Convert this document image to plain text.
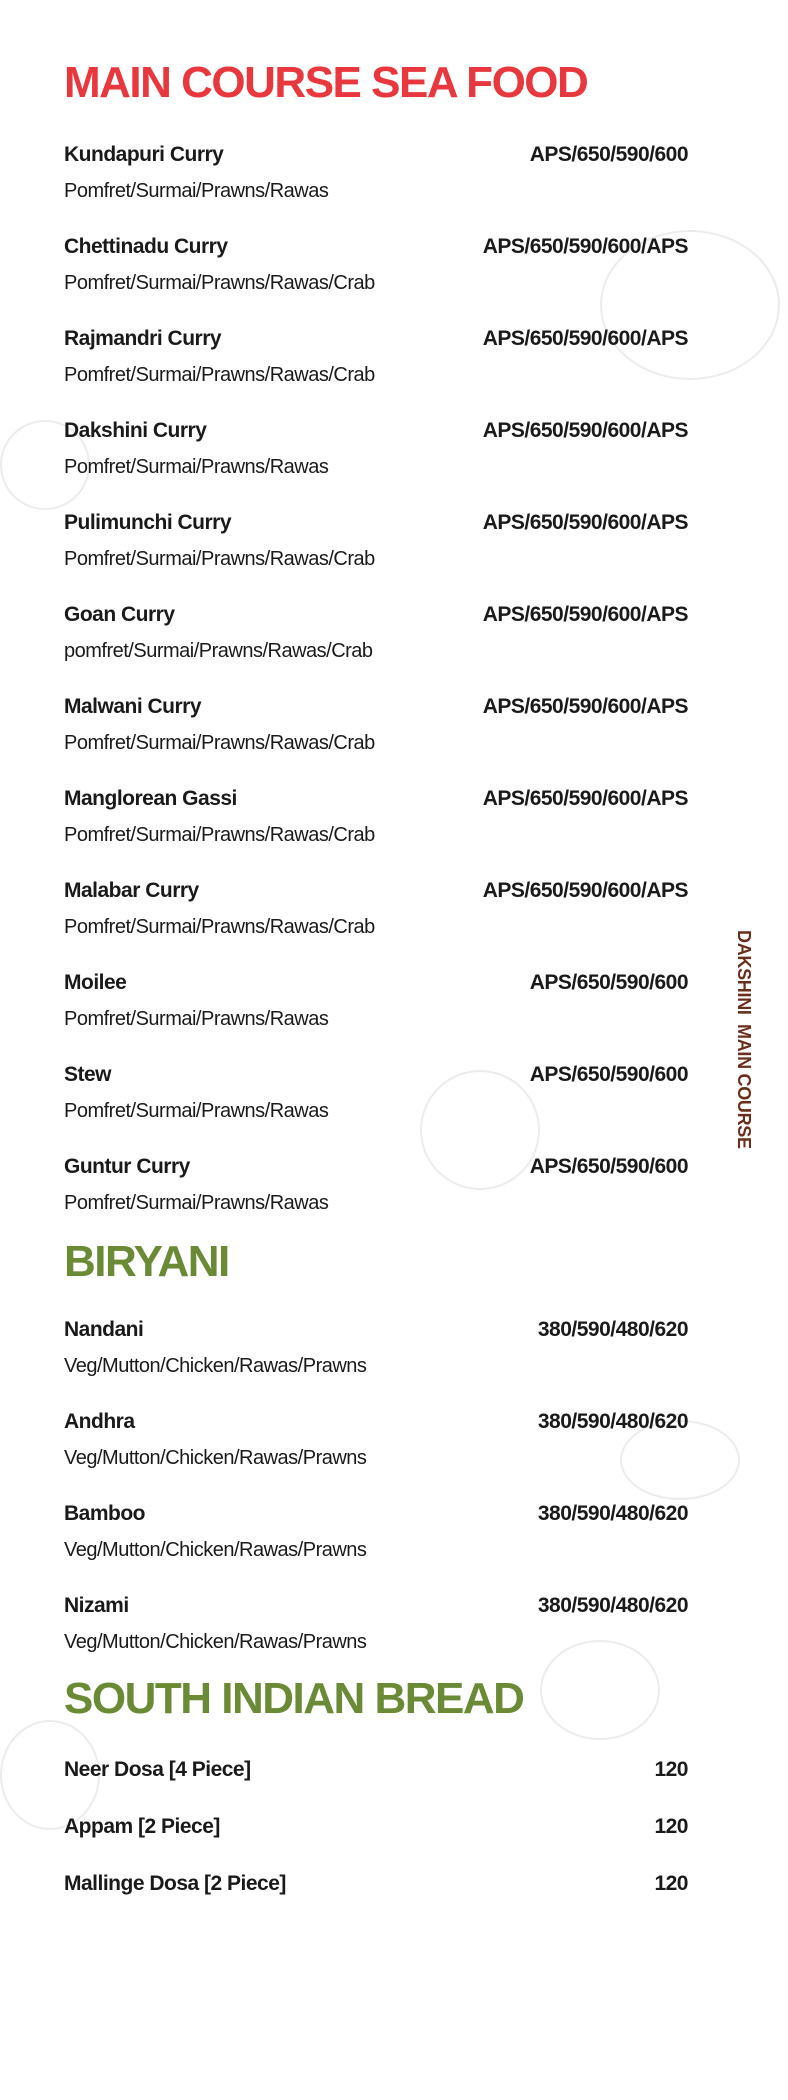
MAIN COURSE SEA FOOD
Kundapuri Curry	APS/650/590/600
Pomfret/Surmai/Prawns/Rawas
Chettinadu Curry	APS/650/590/600/APS
Pomfret/Surmai/Prawns/Rawas/Crab
Rajmandri Curry	APS/650/590/600/APS
Pomfret/Surmai/Prawns/Rawas/Crab
Dakshini Curry	APS/650/590/600/APS
Pomfret/Surmai/Prawns/Rawas
Pulimunchi Curry	APS/650/590/600/APS
Pomfret/Surmai/Prawns/Rawas/Crab
Goan Curry	APS/650/590/600/APS
pomfret/Surmai/Prawns/Rawas/Crab
Malwani Curry	APS/650/590/600/APS
Pomfret/Surmai/Prawns/Rawas/Crab
Manglorean Gassi	APS/650/590/600/APS
Pomfret/Surmai/Prawns/Rawas/Crab
Malabar Curry	APS/650/590/600/APS
Pomfret/Surmai/Prawns/Rawas/Crab
Moilee	APS/650/590/600
Pomfret/Surmai/Prawns/Rawas
Stew	APS/650/590/600
Pomfret/Surmai/Prawns/Rawas
Guntur Curry	APS/650/590/600
Pomfret/Surmai/Prawns/Rawas
BIRYANI
Nandani	380/590/480/620
Veg/Mutton/Chicken/Rawas/Prawns
Andhra	380/590/480/620
Veg/Mutton/Chicken/Rawas/Prawns
Bamboo	380/590/480/620
Veg/Mutton/Chicken/Rawas/Prawns
Nizami	380/590/480/620
Veg/Mutton/Chicken/Rawas/Prawns
SOUTH INDIAN BREAD
Neer Dosa [4 Piece]	120
Appam [2 Piece]	120
Mallinge Dosa [2 Piece]	120
DAKSHINI  MAIN COURSE
